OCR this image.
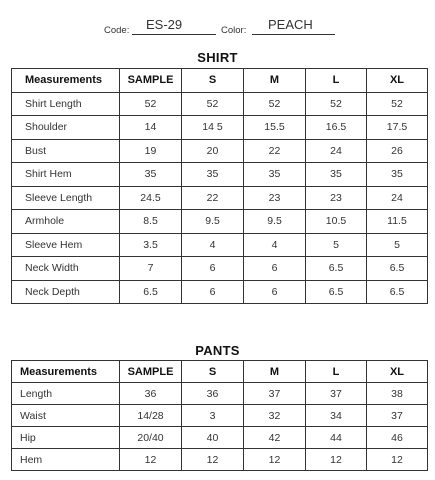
Code:	ES-29	Color:	PEACH
SHIRT
Measurements	SAMPLE	S	M	L	XL
Shirt Length	52	52	52	52	52
Shoulder	14	14 5	15.5	16.5	17.5
Bust	19	20	22	24	26
Shirt Hem	35	35	35	35	35
Sleeve Length	24.5	22	23	23	24
Armhole	8.5	9.5	9.5	10.5	11.5
Sleeve Hem	3.5	4	4	5	5
Neck Width	7	6	6	6.5	6.5
Neck Depth	6.5	6	6	6.5	6.5
PANTS
Measurements	SAMPLE	S	M	L	XL
Length	36	36	37	37	38
Waist	14/28	3	32	34	37
Hip	20/40	40	42	44	46
Hem	12	12	12	12	12
